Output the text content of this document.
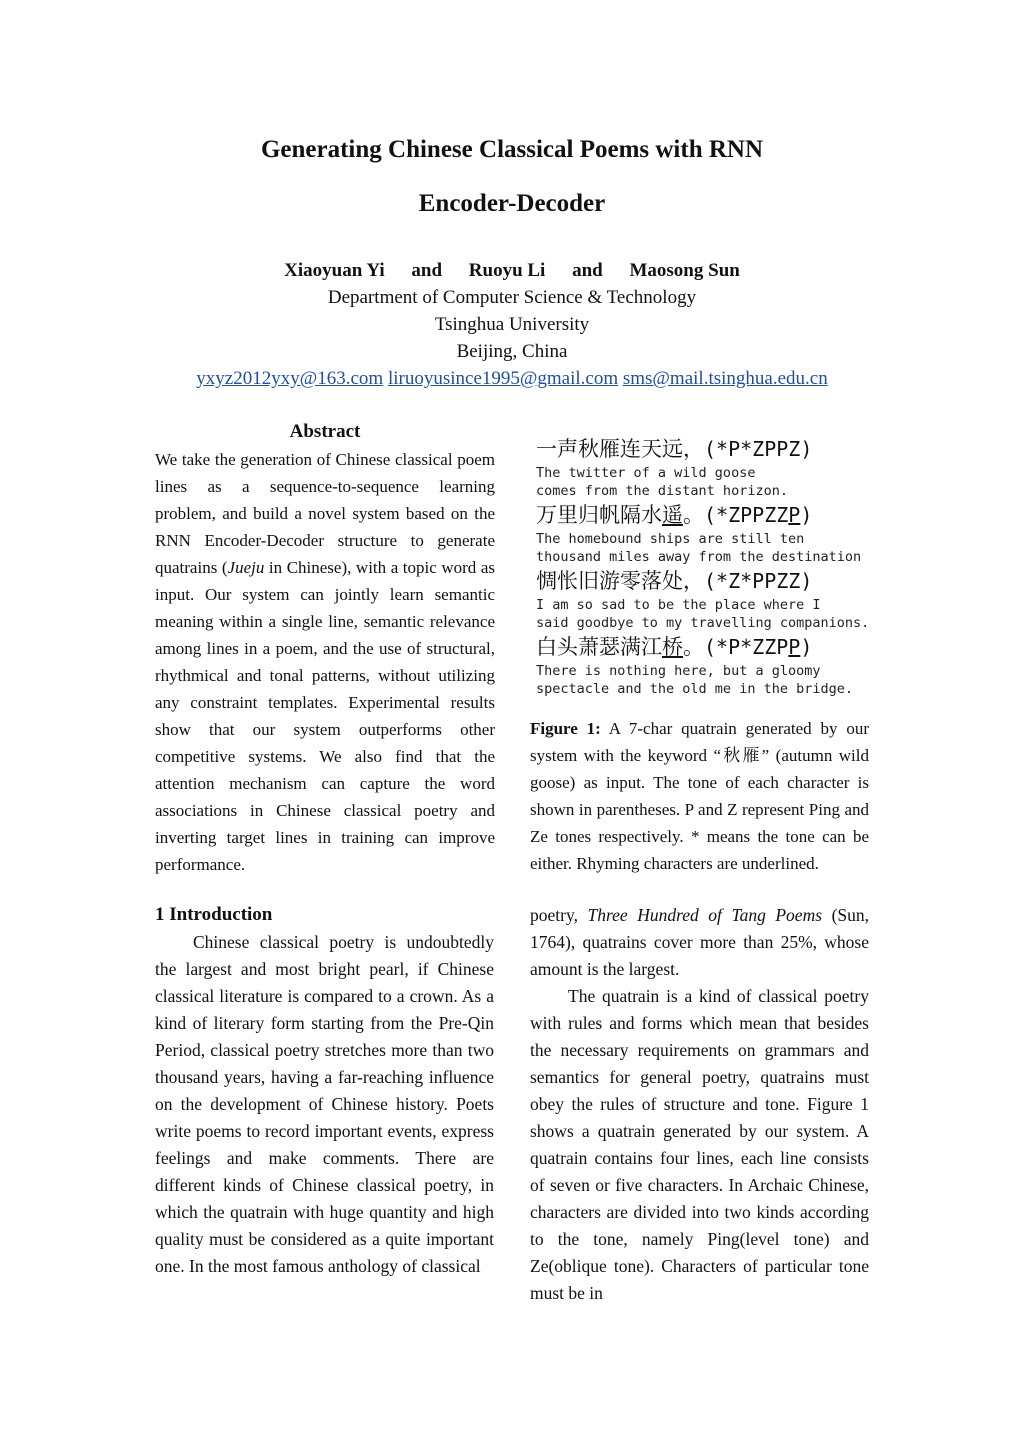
Generating Chinese Classical Poems with RNN
Encoder-Decoder
Xiaoyuan Yi and Ruoyu Li and Maosong Sun
Department of Computer Science & Technology
Tsinghua University
Beijing, China
yxyz2012yxy@163.com liruoyusince1995@gmail.com sms@mail.tsinghua.edu.cn
Abstract
We take the generation of Chinese classical poem lines as a sequence-to-sequence learning problem, and build a novel system based on the RNN Encoder-Decoder structure to generate quatrains (Jueju in Chinese), with a topic word as input. Our system can jointly learn semantic meaning within a single line, semantic relevance among lines in a poem, and the use of structural, rhythmical and tonal patterns, without utilizing any constraint templates. Experimental results show that our system outperforms other competitive systems. We also find that the attention mechanism can capture the word associations in Chinese classical poetry and inverting target lines in training can improve performance.
一声秋雁连天远，(*P*ZPPZ)
The twitter of a wild goose
comes from the distant horizon.
万里归帆隔水遥。(*ZPPZZP)
The homebound ships are still ten
thousand miles away from the destination
惆怅旧游零落处，(*Z*PPZZ)
I am so sad to be the place where I
said goodbye to my travelling companions.
白头萧瑟满江桥。(*P*ZZPP)
There is nothing here, but a gloomy
spectacle and the old me in the bridge.
Figure 1: A 7-char quatrain generated by our system with the keyword “秋雁” (autumn wild goose) as input. The tone of each character is shown in parentheses. P and Z represent Ping and Ze tones respectively. * means the tone can be either. Rhyming characters are underlined.
1 Introduction
Chinese classical poetry is undoubtedly the largest and most bright pearl, if Chinese classical literature is compared to a crown. As a kind of literary form starting from the Pre-Qin Period, classical poetry stretches more than two thousand years, having a far-reaching influence on the development of Chinese history. Poets write poems to record important events, express feelings and make comments. There are different kinds of Chinese classical poetry, in which the quatrain with huge quantity and high quality must be considered as a quite important one. In the most famous anthology of classical
poetry, Three Hundred of Tang Poems (Sun, 1764), quatrains cover more than 25%, whose amount is the largest.
The quatrain is a kind of classical poetry with rules and forms which mean that besides the necessary requirements on grammars and semantics for general poetry, quatrains must obey the rules of structure and tone. Figure 1 shows a quatrain generated by our system. A quatrain contains four lines, each line consists of seven or five characters. In Archaic Chinese, characters are divided into two kinds according to the tone, namely Ping(level tone) and Ze(oblique tone). Characters of particular tone must be in
